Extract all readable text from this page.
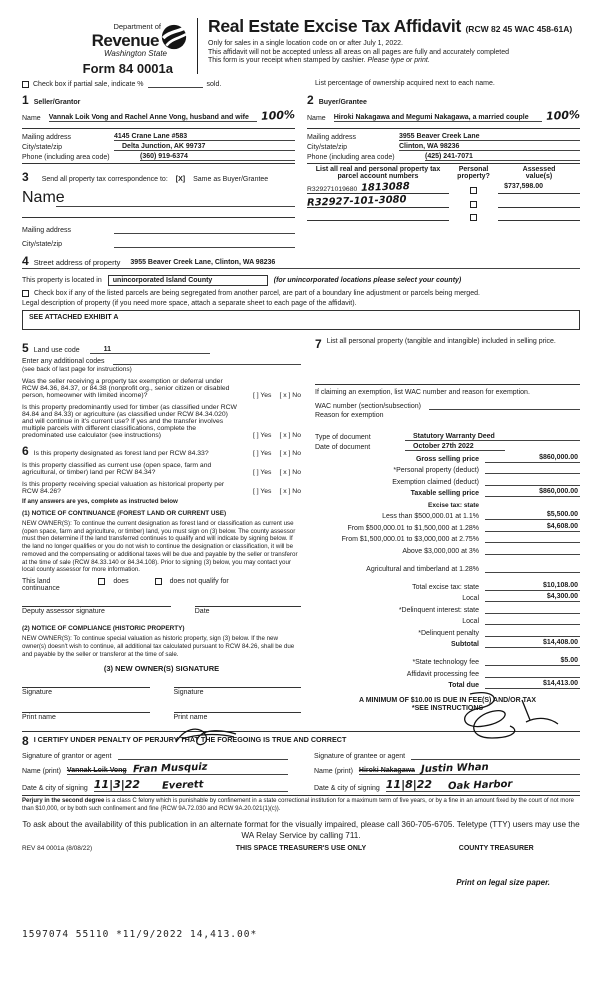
Department of
Revenue
Washington State
Form 84 0001a
Real Estate Excise Tax Affidavit (RCW 82 45 WAC 458-61A)
Only for sales in a single location code on or after July 1, 2022.
This affidavit will not be accepted unless all areas on all pages are fully and accurately completed
This form is your receipt when stamped by cashier. Please type or print.
Check box if partial sale, indicate %	sold.	List percentage of ownership acquired next to each name.
1 Seller/Grantor
Name Vannak Loik Vong and Rachel Anne Vong, husband and wife	100%
Mailing address	4145 Crane Lane #583
City/state/zip	Delta Junction, AK 99737
Phone (including area code)	(360) 919-6374
2 Buyer/Grantee
Name Hiroki Nakagawa and Megumi Nakagawa, a married couple	100%
Mailing address	3955 Beaver Creek Lane
City/state/zip	Clinton, WA 98236
Phone (including area code)	(425) 241-7071
3 Send all property tax correspondence to: [X] Same as Buyer/Grantee
Name
Mailing address
City/state/zip
List all real and personal property tax
parcel account numbers
Personal
property?
Assessed
value(s)
R329271019680 1813088	$737,598.00
R32927-101-3080
4 Street address of property 3955 Beaver Creek Lane, Clinton, WA 98236
This property is located in	unincorporated Island County	(for unincorporated locations please select your county)
Check box if any of the listed parcels are being segregated from another parcel, are part of a boundary line adjustment or parcels being merged.
Legal description of property (if you need more space, attach a separate sheet to each page of the affidavit).
SEE ATTACHED EXHIBIT A
5 Land use code	11
Enter any additional codes
(see back of last page for instructions)
Was the seller receiving a property tax exemption or deferral under RCW 84.36, 84.37, or 84.38 (nonprofit org., senior citizen or disabled person, homeowner with limited income)?	[ ] Yes [ x ] No
Is this property predominantly used for timber (as classified under RCW 84.84 and 84.33) or agriculture (as classified under RCW 84.34.020) and will continue in it's current use? If yes and the transfer involves multiple parcels with different classifications, complete the predominated use calculator (see instructions)	[ ] Yes [ x ] No
6 Is this property designated as forest land per RCW 84.33?	[ ] Yes [ x ] No
Is this property classified as current use (open space, farm and agricultural, or timber) land per RCW 84.34?	[ ] Yes [ x ] No
Is this property receiving special valuation as historical property per RCW 84.26?	[ ] Yes [ x ] No
If any answers are yes, complete as instructed below
(1) NOTICE OF CONTINUANCE (FOREST LAND OR CURRENT USE)
NEW OWNER(S): To continue the current designation as forest land or classification as current use (open space, farm and agriculture, or timber) land, you must sign on (3) below. The county assessor must then determine if the land transferred continues to qualify and will indicate by signing below. If the land no longer qualifies or you do not wish to continue the designation or classification, it will be removed and the compensating or additional taxes will be due and payable by the seller or transferor at the time of sale (RCW 84.33.140 or 84.34.108). Prior to signing (3) below, you may contact your local county assessor for more information.
This land	does	does not qualify for
continuance
Deputy assessor signature	Date
(2) NOTICE OF COMPLIANCE (HISTORIC PROPERTY)
NEW OWNER(S): To continue special valuation as historic property, sign (3) below. If the new owner(s) doesn't wish to continue, all additional tax calculated pursuant to RCW 84.26, shall be due and payable by the seller or transferor at the time of sale.
(3) NEW OWNER(S) SIGNATURE
Signature	Signature
Print name	Print name
7 List all personal property (tangible and intangible) included in selling price.
If claiming an exemption, list WAC number and reason for exemption.
WAC number (section/subsection)
Reason for exemption
Type of document	Statutory Warranty Deed
Date of document	October 27th 2022
Gross selling price	$860,000.00
*Personal property (deduct)
Exemption claimed (deduct)
Taxable selling price	$860,000.00
Excise tax: state
Less than $500,000.01 at 1.1%	$5,500.00
From $500,000.01 to $1,500,000 at 1.28%	$4,608.00
From $1,500,000.01 to $3,000,000 at 2.75%
Above $3,000,000 at 3%
Agricultural and timberland at 1.28%
Total excise tax: state	$10,108.00
Local	$4,300.00
*Delinquent interest: state
Local
*Delinquent penalty
Subtotal	$14,408.00
*State technology fee	$5.00
Affidavit processing fee
Total due	$14,413.00
A MINIMUM OF $10.00 IS DUE IN FEE(S) AND/OR TAX
*SEE INSTRUCTIONS
8 I CERTIFY UNDER PENALTY OF PERJURY THAT THE FOREGOING IS TRUE AND CORRECT
Signature of grantor or agent
Name (print) Vannak Loik Vong Fran Musquiz
Date & city of signing 11|3|22 Everett
Signature of grantee or agent
Name (print) Hiroki Nakagawa Justin Whan
Date & city of signing 11|8|22 Oak Harbor
Perjury in the second degree is a class C felony which is punishable by confinement in a state correctional institution for a maximum term of five years, or by a fine in an amount fixed by the court of not more than $10,000, or by both such confinement and fine (RCW 9A.72.030 and RCW 9A.20.021(1)(c)).
To ask about the availability of this publication in an alternate format for the visually impaired, please call 360-705-6705. Teletype (TTY) users may use the WA Relay Service by calling 711.
REV 84 0001a (8/08/22)	THIS SPACE TREASURER'S USE ONLY	COUNTY TREASURER
Print on legal size paper.
1597074 55110 *11/9/2022 14,413.00*
